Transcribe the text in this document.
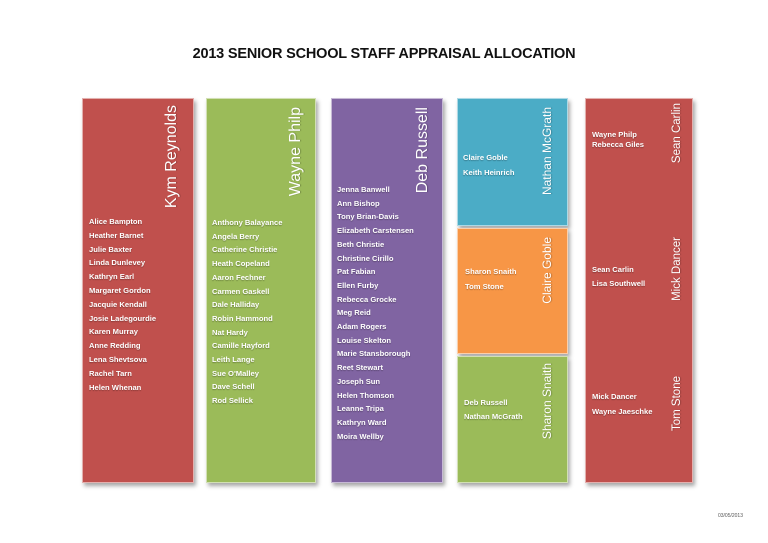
2013 SENIOR SCHOOL STAFF APPRAISAL ALLOCATION
Kym Reynolds
Alice Bampton
Heather Barnet
Julie Baxter
Linda Dunlevey
Kathryn Earl
Margaret Gordon
Jacquie Kendall
Josie Ladegourdie
Karen Murray
Anne Redding
Lena Shevtsova
Rachel Tarn
Helen Whenan
Wayne Philp
Anthony Balayance
Angela Berry
Catherine Christie
Heath Copeland
Aaron Fechner
Carmen Gaskell
Dale Halliday
Robin Hammond
Nat Hardy
Camille Hayford
Leith Lange
Sue O'Malley
Dave Schell
Rod Sellick
Deb Russell
Jenna Banwell
Ann Bishop
Tony Brian-Davis
Elizabeth Carstensen
Beth Christie
Christine Cirillo
Pat Fabian
Ellen Furby
Rebecca Grocke
Meg Reid
Adam Rogers
Louise Skelton
Marie Stansborough
Reet Stewart
Joseph Sun
Helen Thomson
Leanne Tripa
Kathryn Ward
Moira Wellby
Nathan McGrath
Claire Goble
Keith Heinrich
Claire Goble
Sharon Snaith
Tom Stone
Sharon Snaith
Deb Russell
Nathan McGrath
Sean Carlin
Wayne Philp
Rebecca Giles
Mick Dancer
Sean Carlin
Lisa Southwell
Tom Stone
Mick Dancer
Wayne Jaeschke
03/05/2013
